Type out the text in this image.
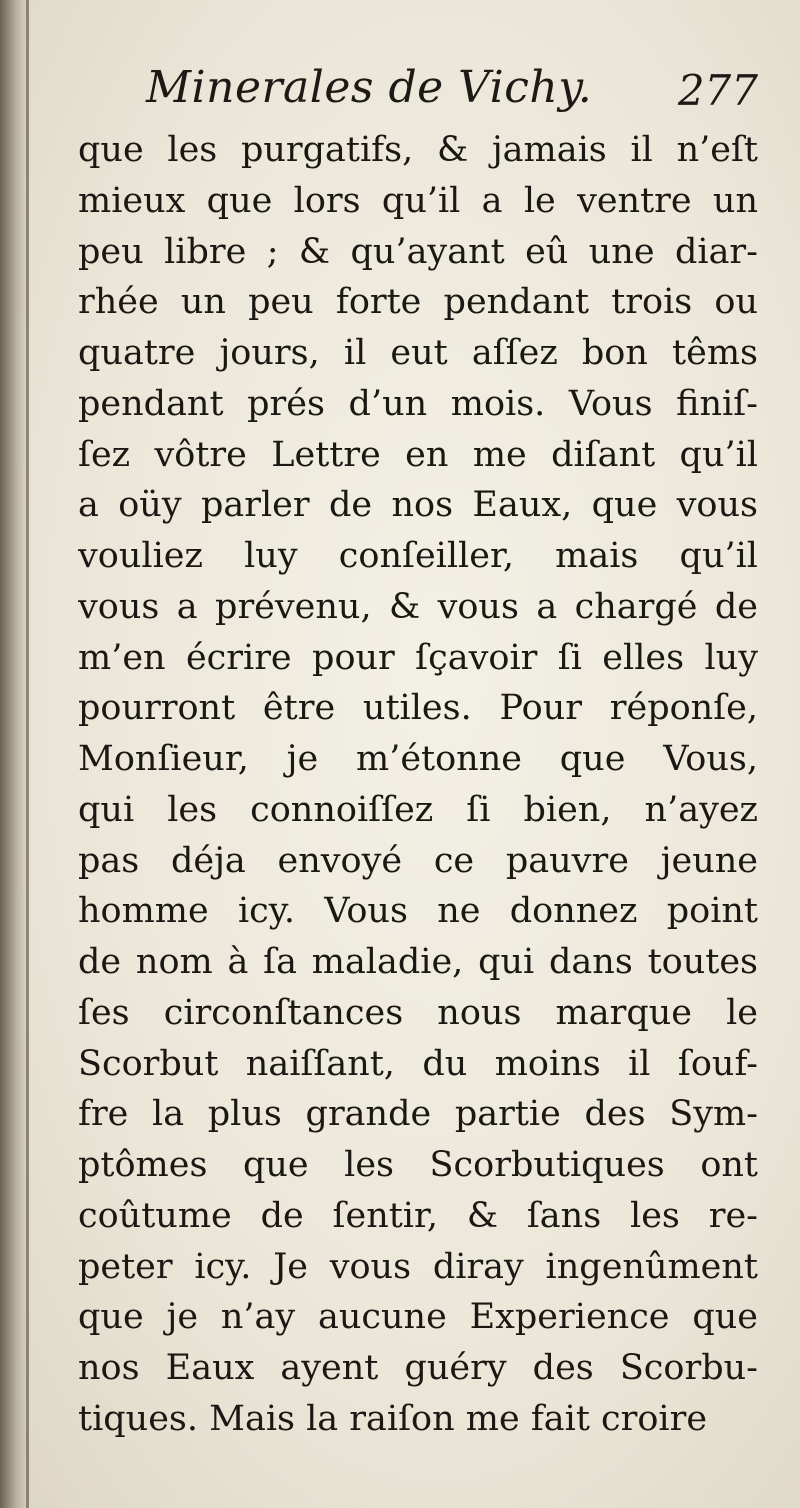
Minerales de Vichy. 277
que les purgatifs, & jamais il n’eſt
mieux que lors qu’il a le ventre un
peu libre ; & qu’ayant eû une diar-
rhée un peu forte pendant trois ou
quatre jours, il eut aſſez bon têms
pendant prés d’un mois. Vous finiſ-
ſez vôtre Lettre en me diſant qu’il
a oüy parler de nos Eaux, que vous
vouliez luy conſeiller, mais qu’il
vous a prévenu, & vous a chargé de
m’en écrire pour ſçavoir ſi elles luy
pourront être utiles. Pour réponſe,
Monſieur, je m’étonne que Vous,
qui les connoiſſez ſi bien, n’ayez
pas déja envoyé ce pauvre jeune
homme icy. Vous ne donnez point
de nom à ſa maladie, qui dans toutes
ſes circonſtances nous marque le
Scorbut naiſſant, du moins il ſouf-
fre la plus grande partie des Sym-
ptômes que les Scorbutiques ont
coûtume de ſentir, & ſans les re-
peter icy. Je vous diray ingenûment
que je n’ay aucune Experience que
nos Eaux ayent guéry des Scorbu-
tiques. Mais la raiſon me fait croire
